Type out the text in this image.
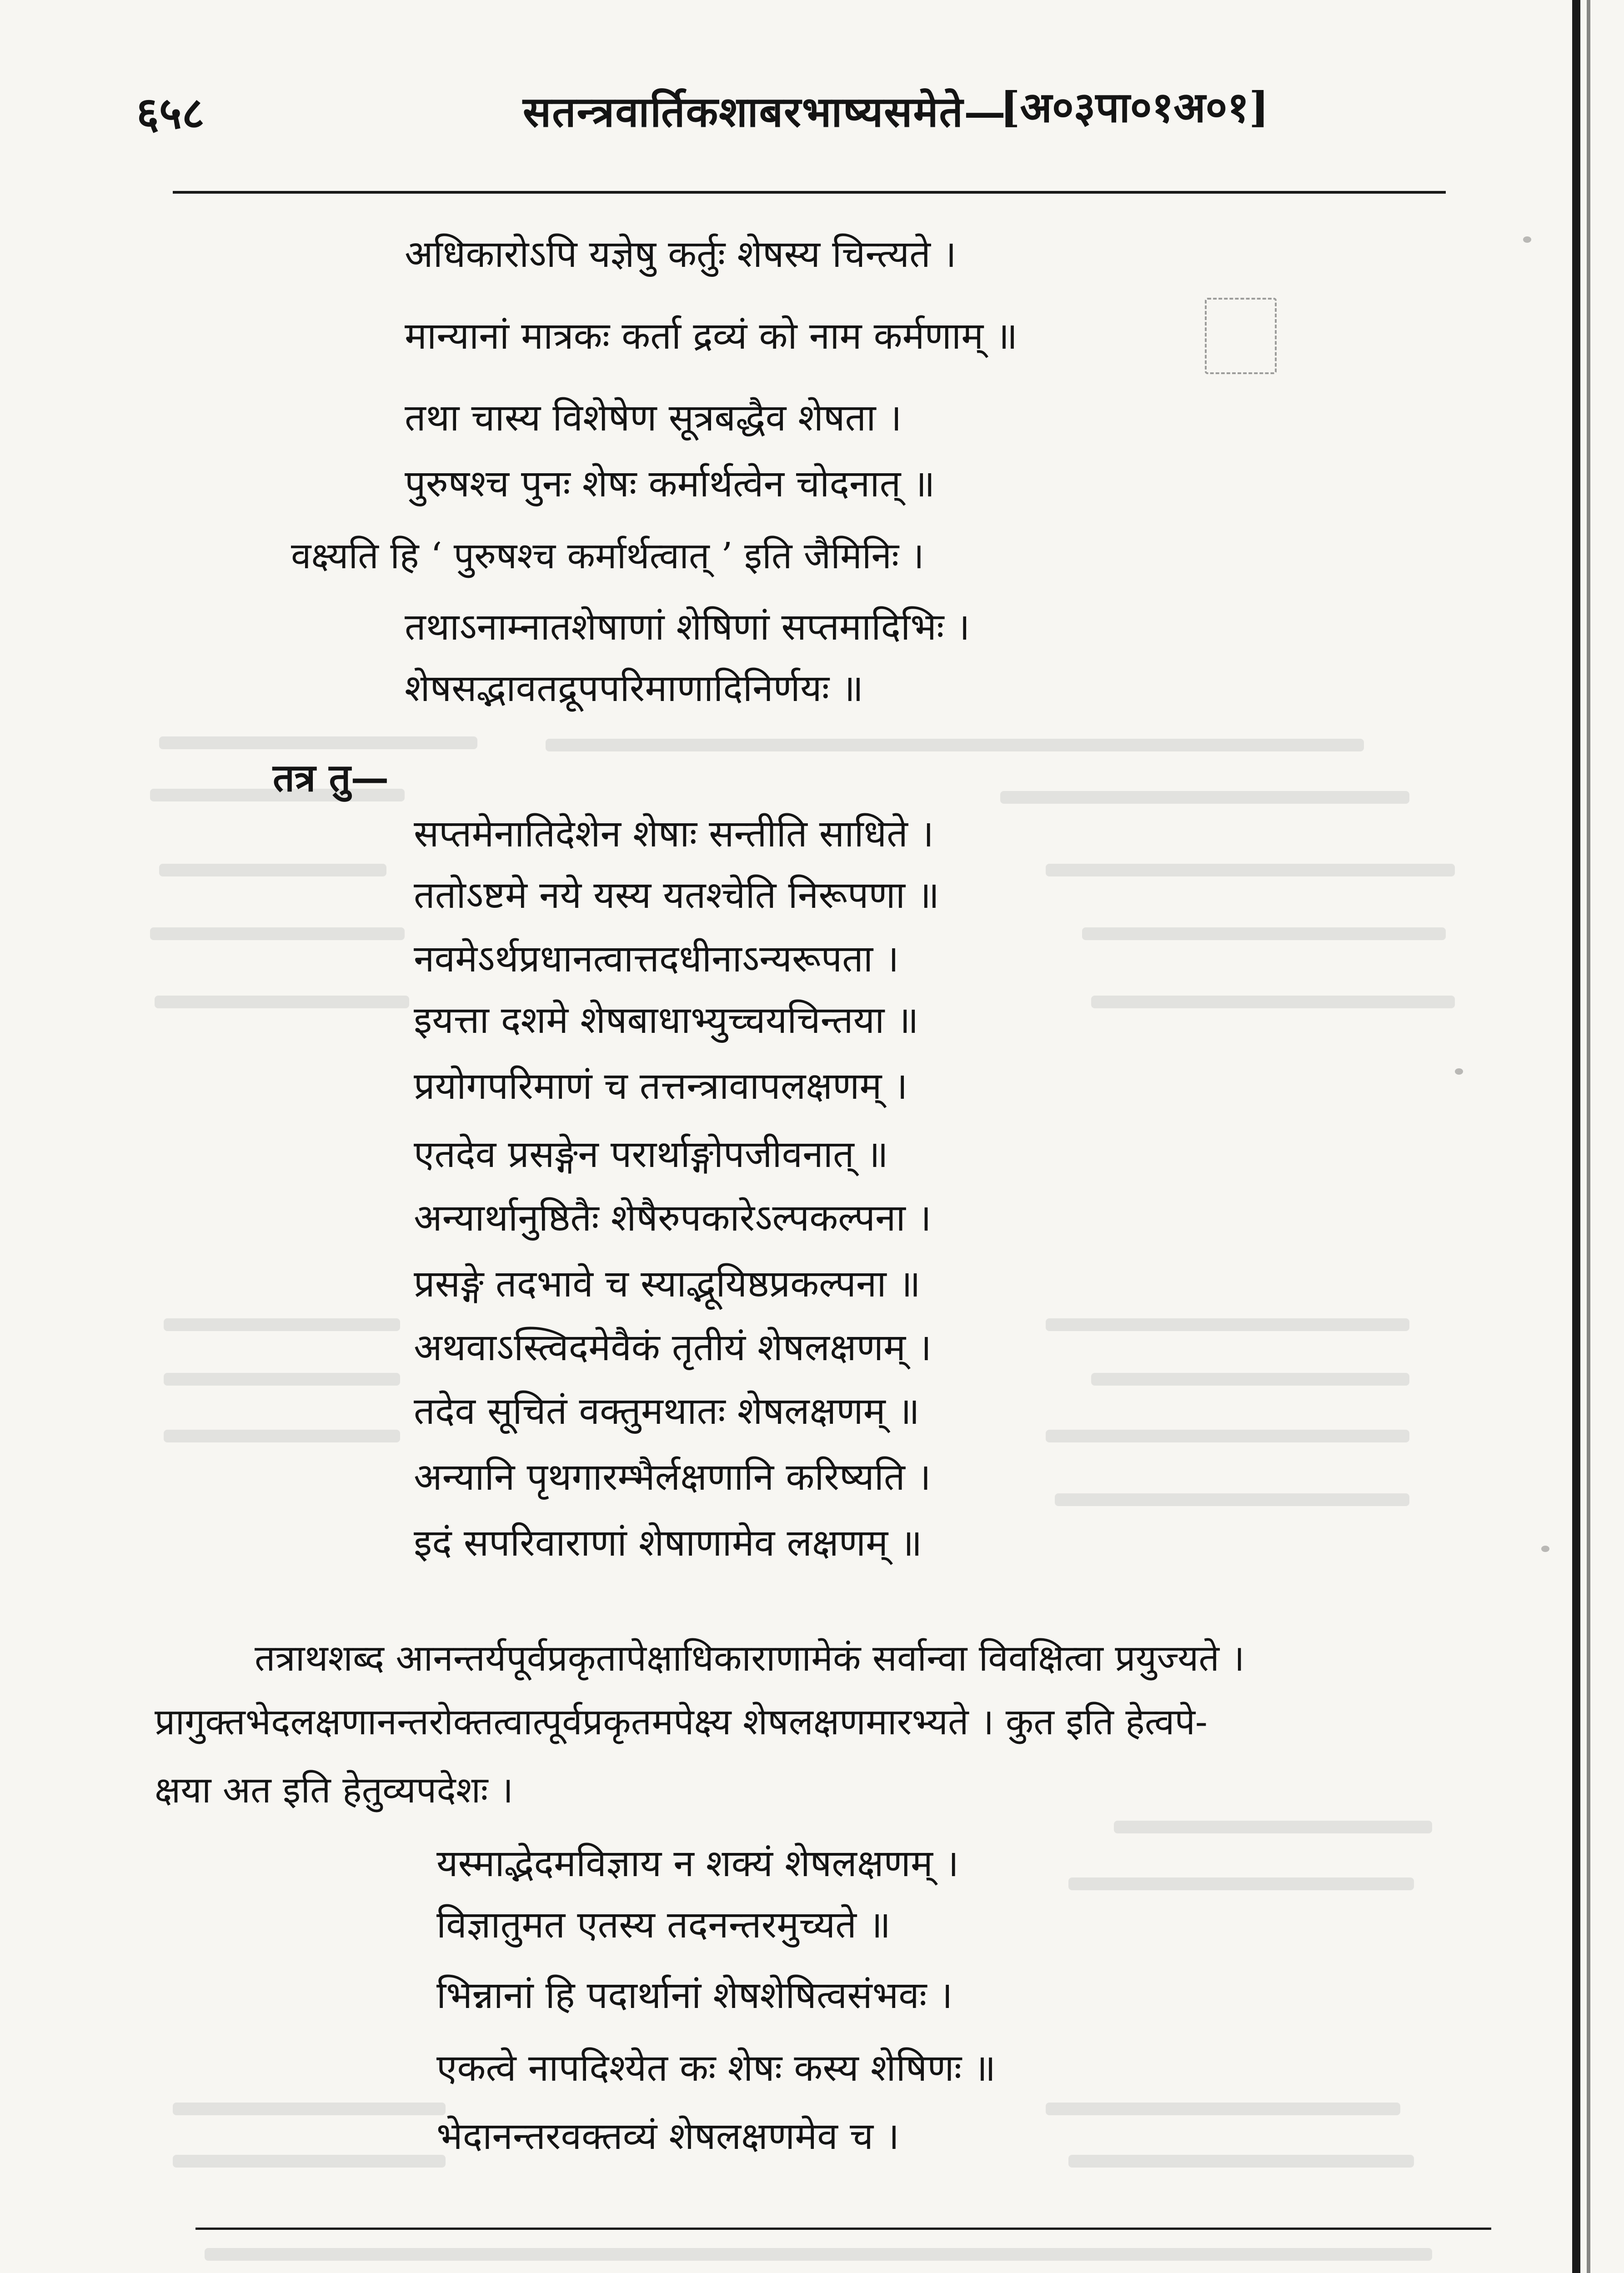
६५८	सतन्त्रवार्तिकशाबरभाष्यसमेते—
[अ०३पा०१अ०१]
अधिकारोऽपि यज्ञेषु कर्तुः शेषस्य चिन्त्यते ।
मान्यानां मात्रकः कर्ता द्रव्यं को नाम कर्मणाम् ॥
तथा चास्य विशेषेण सूत्रबद्धैव शेषता ।
पुरुषश्च पुनः शेषः कर्मार्थत्वेन चोदनात् ॥
वक्ष्यति हि ‘ पुरुषश्च कर्मार्थत्वात् ’ इति जैमिनिः ।
तथाऽनाम्नातशेषाणां शेषिणां सप्तमादिभिः ।
शेषसद्भावतद्रूपपरिमाणादिनिर्णयः ॥
तत्र तु—
सप्तमेनातिदेशेन शेषाः सन्तीति साधिते ।
ततोऽष्टमे नये यस्य यतश्चेति निरूपणा ॥
नवमेऽर्थप्रधानत्वात्तदधीनाऽन्यरूपता ।
इयत्ता दशमे शेषबाधाभ्युच्चयचिन्तया ॥
प्रयोगपरिमाणं च तत्तन्त्रावापलक्षणम् ।
एतदेव प्रसङ्गेन परार्थाङ्गोपजीवनात् ॥
अन्यार्थानुष्ठितैः शेषैरुपकारेऽल्पकल्पना ।
प्रसङ्गे तदभावे च स्याद्भूयिष्ठप्रकल्पना ॥
अथवाऽस्त्विदमेवैकं तृतीयं शेषलक्षणम् ।
तदेव सूचितं वक्तुमथातः शेषलक्षणम् ॥
अन्यानि पृथगारम्भैर्लक्षणानि करिष्यति ।
इदं सपरिवाराणां शेषाणामेव लक्षणम् ॥
तत्राथशब्द आनन्तर्यपूर्वप्रकृतापेक्षाधिकाराणामेकं सर्वान्वा विवक्षित्वा प्रयुज्यते ।
प्रागुक्तभेदलक्षणानन्तरोक्तत्वात्पूर्वप्रकृतमपेक्ष्य शेषलक्षणमारभ्यते । कुत इति हेत्वपे-
क्षया अत इति हेतुव्यपदेशः ।
यस्माद्भेदमविज्ञाय न शक्यं शेषलक्षणम् ।
विज्ञातुमत एतस्य तदनन्तरमुच्यते ॥
भिन्नानां हि पदार्थानां शेषशेषित्वसंभवः ।
एकत्वे नापदिश्येत कः शेषः कस्य शेषिणः ॥
भेदानन्तरवक्तव्यं शेषलक्षणमेव च ।
